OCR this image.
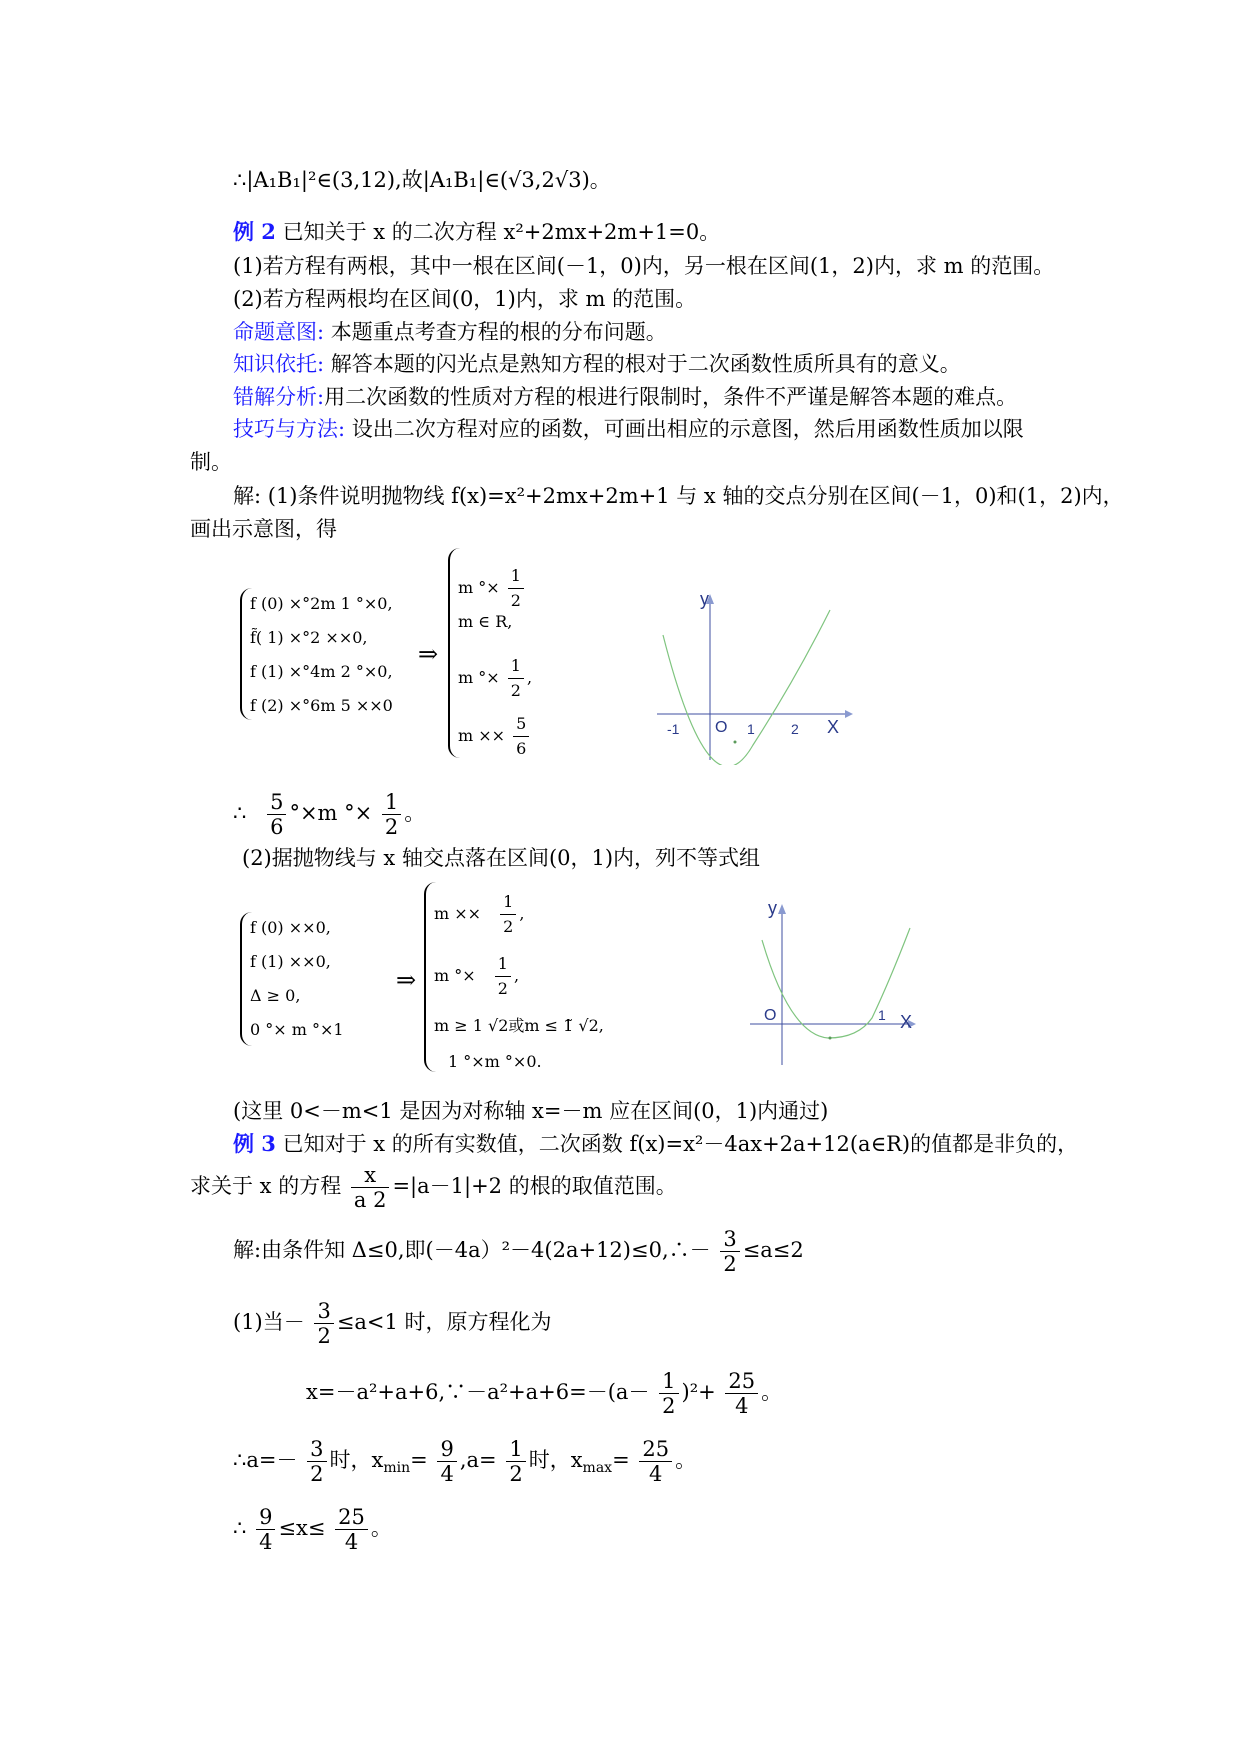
∴|A₁B₁|²∈(3,12),故|A₁B₁|∈(√3,2√3)。
例 2 已知关于 x 的二次方程 x²+2mx+2m+1=0。
(1)若方程有两根，其中一根在区间(－1，0)内，另一根在区间(1，2)内，求 m 的范围。
(2)若方程两根均在区间(0，1)内，求 m 的范围。
命题意图: 本题重点考查方程的根的分布问题。
知识依托: 解答本题的闪光点是熟知方程的根对于二次函数性质所具有的意义。
错解分析:用二次函数的性质对方程的根进行限制时，条件不严谨是解答本题的难点。
技巧与方法: 设出二次方程对应的函数，可画出相应的示意图，然后用函数性质加以限
制。
解: (1)条件说明抛物线 f(x)=x²+2mx+2m+1 与 x 轴的交点分别在区间(－1，0)和(1，2)内，
画出示意图，得
f (0) ×°2m 1 °×0,
f̃( 1) ×°2 ××0,
f (1) ×°4m 2 °×0,
f (2) ×°6m 5 ××0
⇒
m °× $\frac{1}{2}$
m ∈ R,
m °× $\frac{1}{2}$ ,
$m \times\times \frac{5}{6}$
y
X
O
-1	1	2
∴ $\frac{5}{6} ^\circ\times m$ °× $\frac{1}{2}$ 。
(2)据抛物线与 x 轴交点落在区间(0，1)内，列不等式组
f (0) ××0,
f (1) ××0,
Δ ≥ 0,
0 °× m °×1
⇒
$m \times\times \frac{1}{2}$ ,
m °× $\frac{1}{2}$ ,
m ≥ 1 √2或m ≤ 1̃ √2,
1 °×m °×0.
y
X
O	1
(这里 0<－m<1 是因为对称轴 x=－m 应在区间(0，1)内通过)
例 3 已知对于 x 的所有实数值，二次函数 f(x)=x²－4ax+2a+12(a∈R)的值都是非负的，
求关于 x 的方程 $\frac{x}{a 2} =|a-1|+2$ 的根的取值范围。
解:由条件知 Δ≤0,即(－4a）²－4(2a+12)≤0,∴－ $\frac{3}{2} \le a\le 2$
(1)当－ $\frac{3}{2} \le a<1$ 时，原方程化为
x=－a²+a+6,∵－a²+a+6=－(a－ $\frac{1}{2} )^2+ \frac{25}{4}$ 。
∴a=－ $\frac{3}{2}$ 时，$x_{min}= \frac{9}{4} ,a= \frac{1}{2}$ 时，$x_{max}= \frac{25}{4}$ 。
∴ $\frac{9}{4} \le x\le \frac{25}{4}$ 。
